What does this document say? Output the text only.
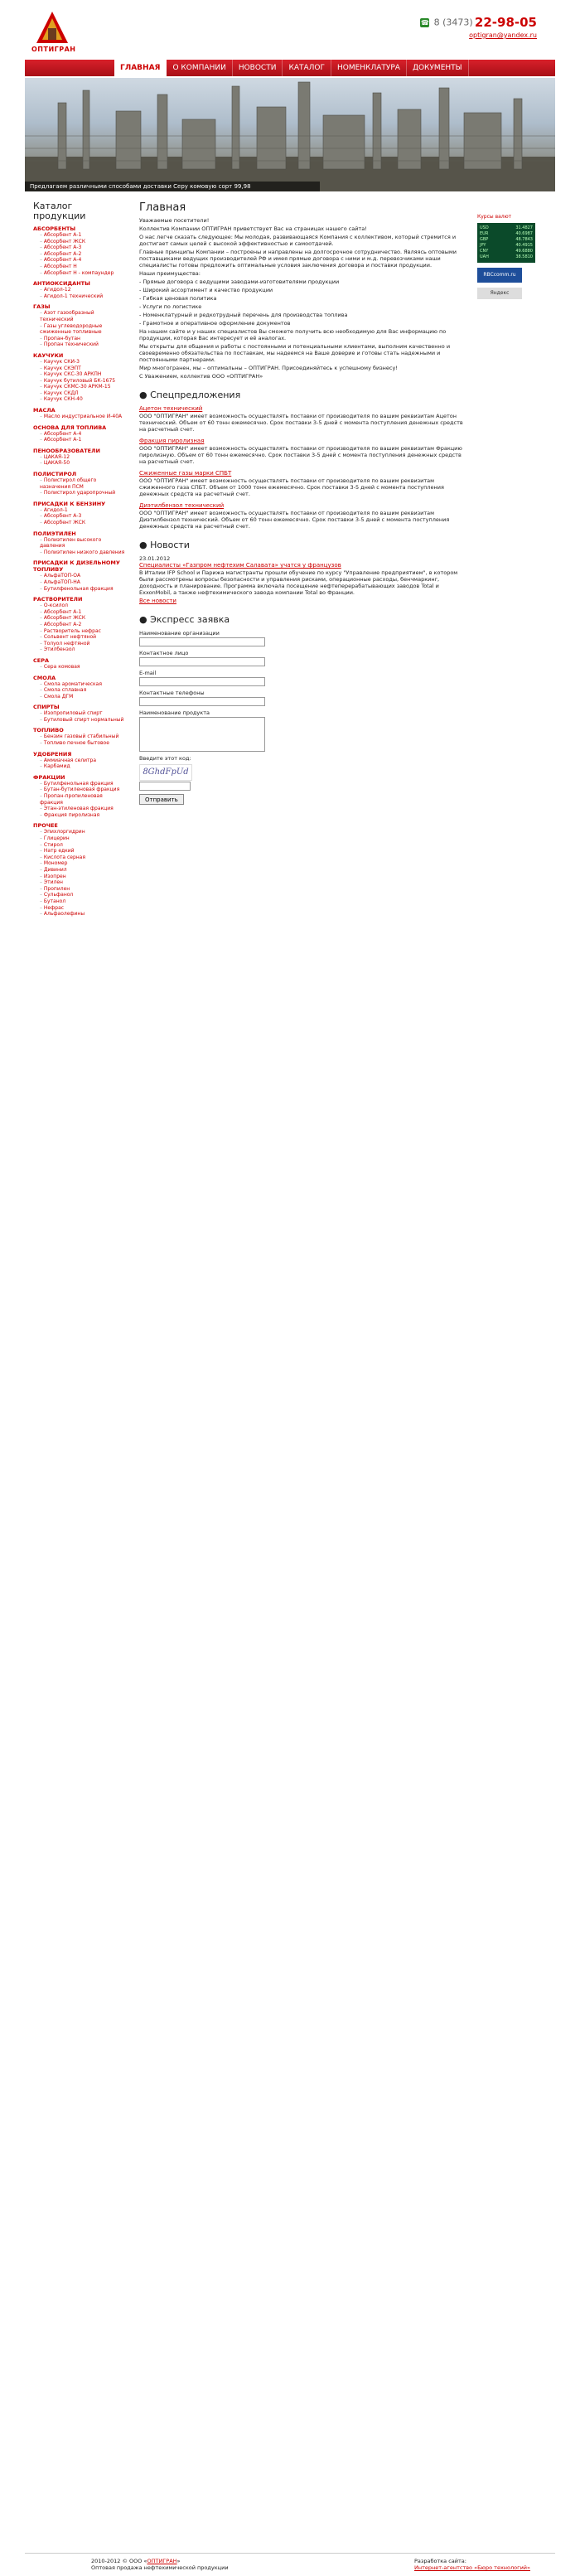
ОПТИГРАН
☎ 8 (3473) 22-98-05
optigran@yandex.ru
ГЛАВНАЯ	О КОМПАНИИ	НОВОСТИ	КАТАЛОГ	НОМЕНКЛАТУРА	ДОКУМЕНТЫ
Предлагаем различными способами доставки Серу комовую сорт 99,98
Каталог продукции
АБСОРБЕНТЫ
– Абсорбент А-1
– Абсорбент ЖСК
– Абсорбент А-3
– Абсорбент А-2
– Абсорбент А-4
– Абсорбент Н
– Абсорбент Н - компаундер
АНТИОКСИДАНТЫ
– Агидол-12
– Агидол-1 технический
ГАЗЫ
– Азот газообразный технический
– Газы углеводородные сжиженные топливные
– Пропан-бутан
– Пропан технический
КАУЧУКИ
– Каучук СКИ-3
– Каучук СКЭПТ
– Каучук СКС-30 АРКПН
– Каучук бутиловый БК-1675
– Каучук СКМС-30 АРКМ-15
– Каучук СКДЛ
– Каучук СКН-40
МАСЛА
– Масло индустриальное И-40А
ОСНОВА ДЛЯ ТОПЛИВА
– Абсорбент А-4
– Абсорбент А-1
ПЕНООБРАЗОВАТЕЛИ
– ЦАКАЯ-12
– ЦАКАЯ-50
ПОЛИСТИРОЛ
– Полистирол общего назначения ПСМ
– Полистирол ударопрочный
ПРИСАДКИ К БЕНЗИНУ
– Агидол-1
– Абсорбент А-3
– Абсорбент ЖСК
ПОЛИЭТИЛЕН
– Полиэтилен высокого давления
– Полиэтилен низкого давления
ПРИСАДКИ К ДИЗЕЛЬНОМУ ТОПЛИВУ
– АльфаТОП-ОА
– АльфаТОП-НА
– Бутилфенольная фракция
РАСТВОРИТЕЛИ
– О-ксилол
– Абсорбент А-1
– Абсорбент ЖСК
– Абсорбент А-2
– Растворитель нефрас
– Сольвент нефтяной
– Толуол нефтяной
– Этилбензол
СЕРА
– Сера комовая
СМОЛА
– Смола ароматическая
– Смола сплавная
– Смола ДГМ
СПИРТЫ
– Изопропиловый спирт
– Бутиловый спирт нормальный
ТОПЛИВО
– Бензин газовый стабильный
– Топливо печное бытовое
УДОБРЕНИЯ
– Аммиачная селитра
– Карбамид
ФРАКЦИИ
– Бутилфенольная фракция
– Бутан-бутиленовая фракция
– Пропан-пропиленовая фракция
– Этан-этиленовая фракция
– Фракция пиролизная
ПРОЧЕЕ
– Эпихлоргидрин
– Глицерин
– Стирол
– Натр едкий
– Кислота серная
– Мономер
– Дивинил
– Изопрен
– Этилен
– Пропилен
– Сульфанол
– Бутанол
– Нефрас
– Альфаолефины
Главная
Уважаемые посетители!
Коллектив Компании ОПТИГРАН приветствует Вас на страницах нашего сайта!
О нас легче сказать следующее: Мы молодая, развивающаяся Компания с коллективом, который стремится и достигает самых целей с высокой эффективностью и самоотдачей.
Главные принципы Компании – построены и направлены на долгосрочное сотрудничество. Являясь оптовыми поставщиками ведущих производителей РФ и имея прямые договора с ними и м.д. перевозчиками наши специалисты готовы предложить оптимальные условия заключения договора и поставки продукции.
Наши преимущества:
- Прямые договора с ведущими заводами-изготовителями продукции
- Широкий ассортимент и качество продукции
- Гибкая ценовая политика
- Услуги по логистике
- Номенклатурный и редкотрудный перечень для производства топлива
- Грамотное и оперативное оформление документов
На нашем сайте и у наших специалистов Вы сможете получить всю необходимую для Вас информацию по продукции, которая Вас интересует и её аналогах.
Мы открыты для общения и работы с постоянными и потенциальными клиентами, выполним качественно и своевременно обязательства по поставкам, мы надеемся на Ваше доверие и готовы стать надежными и постоянными партнерами.
Мир многогранен, мы – оптимальны – ОПТИГРАН. Присоединяйтесь к успешному бизнесу!
С Уважением, коллектив ООО «ОПТИГРАН»
● Спецпредложения
Ацетон технический
ООО "ОПТИГРАН" имеет возможность осуществлять поставки от производителя по вашим реквизитам Ацетон технический. Объем от 60 тонн ежемесячно. Срок поставки 3-5 дней с момента поступления денежных средств на расчетный счет.
Фракция пиролизная
ООО "ОПТИГРАН" имеет возможность осуществлять поставки от производителя по вашим реквизитам Фракцию пиролизную. Объем от 60 тонн ежемесячно. Срок поставки 3-5 дней с момента поступления денежных средств на расчетный счет.
Сжиженные газы марки СПБТ
ООО "ОПТИГРАН" имеет возможность осуществлять поставки от производителя по вашим реквизитам сжиженного газа СПБТ. Объем от 1000 тонн ежемесячно. Срок поставки 3-5 дней с момента поступления денежных средств на расчетный счет.
Диэтилбензол технический
ООО "ОПТИГРАН" имеет возможность осуществлять поставки от производителя по вашим реквизитам Диэтилбензол технический. Объем от 60 тонн ежемесячно. Срок поставки 3-5 дней с момента поступления денежных средств на расчетный счет.
● Новости
23.01.2012
Специалисты «Газпром нефтехим Салавата» учатся у французов
В Италии IFP School и Парижа магистранты прошли обучение по курсу "Управление предприятием", в котором были рассмотрены вопросы безопасности и управления рисками, операционные расходы, бенчмаркинг, доходность и планирование. Программа включала посещение нефтеперерабатывающих заводов Total и ExxonMobil, а также нефтехимического завода компании Total во Франции.
Все новости
● Экспресс заявка
Наименование организации
Контактное лицо
E-mail
Контактные телефоны
Наименование продукта
Введите этот код:
8GhdFpUd
Отправить
Курсы валют
USD	31.4827
EUR	40.6987
GBP	48.7843
JPY	40.4915
CNY	49.6880
UAH	38.5810
RBCcomm.ru
Яндекс
2010-2012 © ООО «ОПТИГРАН»
Оптовая продажа нефтехимической продукции
Разработка сайта:
Интернет-агентство «Бюро технологий»
